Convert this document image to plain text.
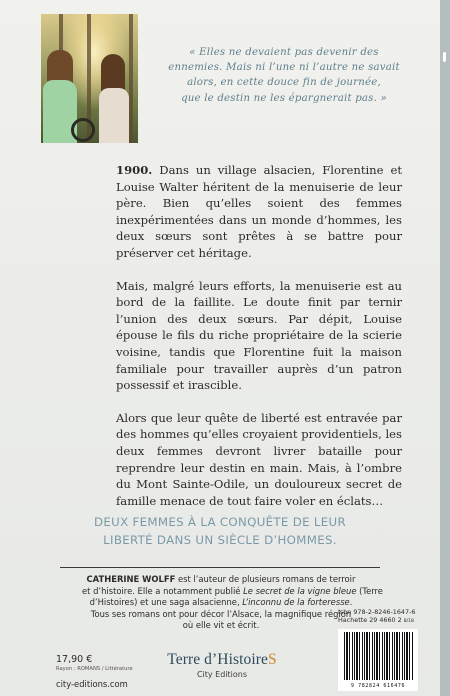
« Elles ne devaient pas devenir des
ennemies. Mais ni l’une ni l’autre ne savait
alors, en cette douce fin de journée,
que le destin ne les épargnerait pas. »

1900. Dans un village alsacien, Florentine et Louise Walter héritent de la menuiserie de leur père. Bien qu’elles soient des femmes inexpérimentées dans un monde d’hommes, les deux sœurs sont prêtes à se battre pour préserver cet héritage.

Mais, malgré leurs efforts, la menuiserie est au bord de la faillite. Le doute finit par ternir l’union des deux sœurs. Par dépit, Louise épouse le fils du riche propriétaire de la scierie voisine, tandis que Florentine fuit la maison familiale pour travailler auprès d’un patron possessif et irascible.

Alors que leur quête de liberté est entravée par des hommes qu’elles croyaient providentiels, les deux femmes devront livrer bataille pour reprendre leur destin en main. Mais, à l’ombre du Mont Sainte-Odile, un douloureux secret de famille menace de tout faire voler en éclats…

DEUX FEMMES À LA CONQUÊTE DE LEUR
LIBERTÉ DANS UN SIÈCLE D’HOMMES.
CATHERINE WOLFF est l’auteur de plusieurs romans de terroir
et d’histoire. Elle a notamment publié Le secret de la vigne bleue (Terre
d’Histoires) et une saga alsacienne, L’inconnu de la forteresse.
Tous ses romans ont pour décor l’Alsace, la magnifique région
où elle vit et écrit.
17,90 €
Rayon : ROMANS / Littérature
city-editions.com
Terre d’HistoireS
City Editions
Isbn 978-2-8246-1647-6
Hachette 29 4660 2 8/18
9 782824 616476
